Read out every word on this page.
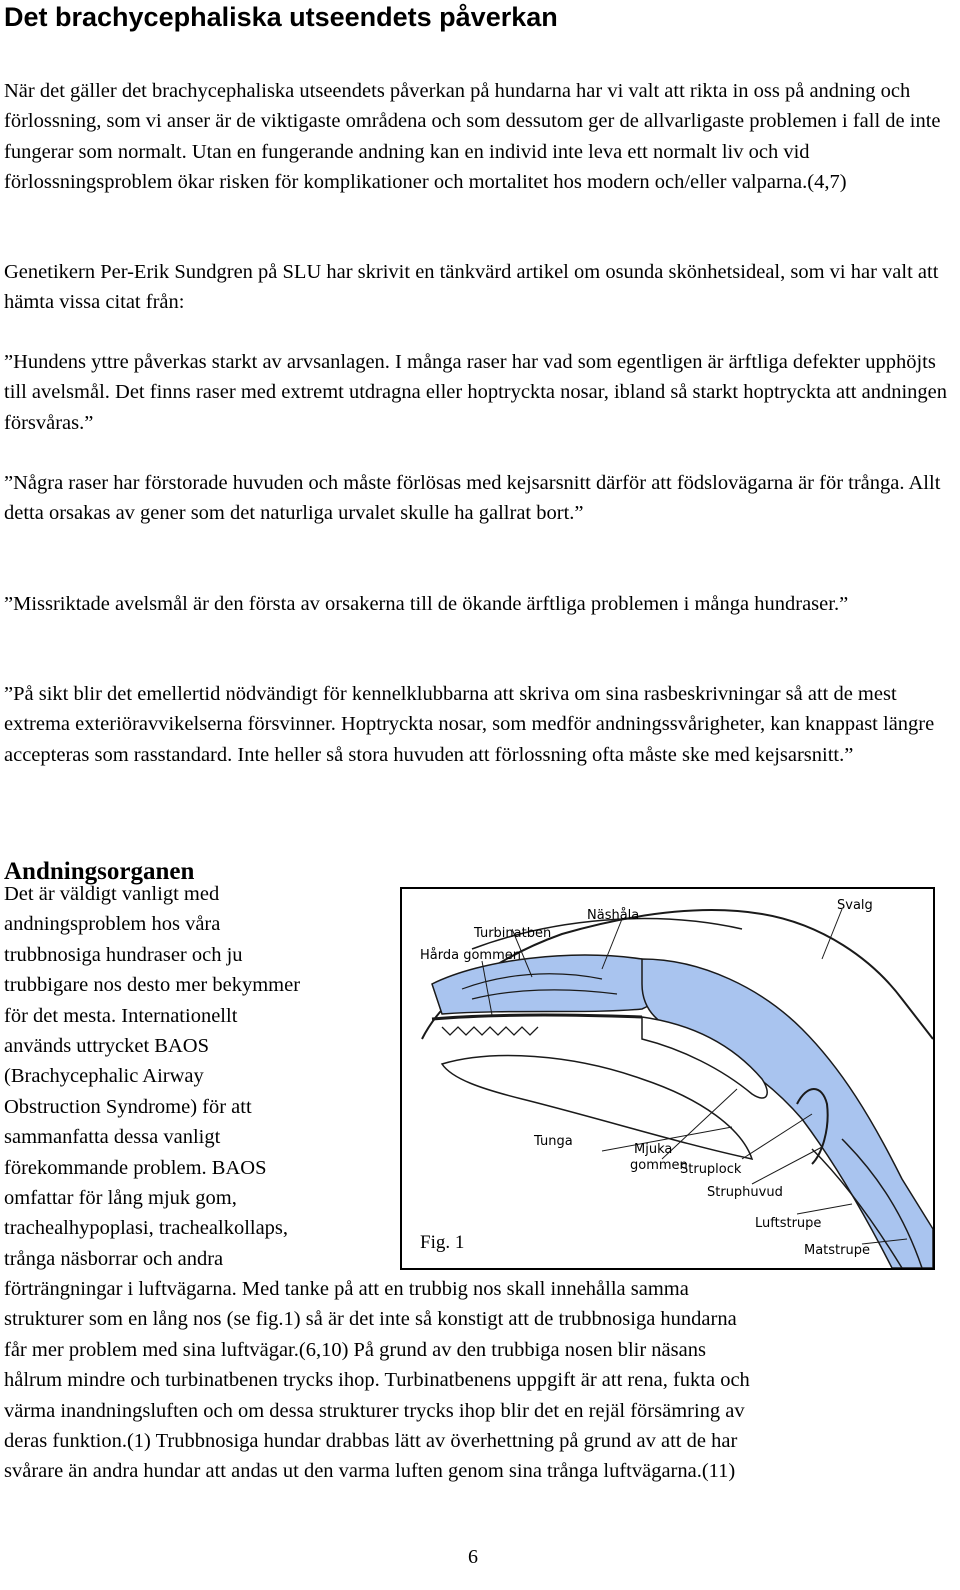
Det brachycephaliska utseendets påverkan

När det gäller det brachycephaliska utseendets påverkan på hundarna har vi valt att rikta in oss på andning och förlossning, som vi anser är de viktigaste områdena och som dessutom ger de allvarligaste problemen i fall de inte fungerar som normalt. Utan en fungerande andning kan en individ inte leva ett normalt liv och vid förlossningsproblem ökar risken för komplikationer och mortalitet hos modern och/eller valparna.(4,7)

Genetikern Per-Erik Sundgren på SLU har skrivit en tänkvärd artikel om osunda skönhetsideal, som vi har valt att hämta vissa citat från:

”Hundens yttre påverkas starkt av arvsanlagen. I många raser har vad som egentligen är ärftliga defekter upphöjts till avelsmål. Det finns raser med extremt utdragna eller hoptryckta nosar, ibland så starkt hoptryckta att andningen försvåras.”

”Några raser har förstorade huvuden och måste förlösas med kejsarsnitt därför att födslovägarna är för trånga. Allt detta orsakas av gener som det naturliga urvalet skulle ha gallrat bort.”

”Missriktade avelsmål är den första av orsakerna till de ökande ärftliga problemen i många hundraser.”

”På sikt blir det emellertid nödvändigt för kennelklubbarna att skriva om sina rasbeskrivningar så att de mest extrema exteriöravvikelserna försvinner. Hoptryckta nosar, som medför andningssvårigheter, kan knappast längre accepteras som rasstandard. Inte heller så stora huvuden att förlossning ofta måste ske med kejsarsnitt.”

Andningsorganen
Det är väldigt vanligt med
andningsproblem hos våra
trubbnosiga hundraser och ju
trubbigare nos desto mer bekymmer
för det mesta. Internationellt
används uttrycket BAOS
(Brachycephalic Airway
Obstruction Syndrome) för att
sammanfatta dessa vanligt
förekommande problem. BAOS
omfattar för lång mjuk gom,
trachealhypoplasi, trachealkollaps,
trånga näsborrar och andra
Turbinatben
Näshåla
Svalg
Hårda gommen
Tunga
Mjuka
gommen
Struplock
Struphuvud
Luftstrupe
Matstrupe
Fig. 1
förträngningar i luftvägarna. Med tanke på att en trubbig nos skall innehålla samma
strukturer som en lång nos (se fig.1) så är det inte så konstigt att de trubbnosiga hundarna
får mer problem med sina luftvägar.(6,10) På grund av den trubbiga nosen blir näsans
hålrum mindre och turbinatbenen trycks ihop. Turbinatbenens uppgift är att rena, fukta och
värma inandningsluften och om dessa strukturer trycks ihop blir det en rejäl försämring av
deras funktion.(1) Trubbnosiga hundar drabbas lätt av överhettning på grund av att de har
svårare än andra hundar att andas ut den varma luften genom sina trånga luftvägarna.(11)
6
